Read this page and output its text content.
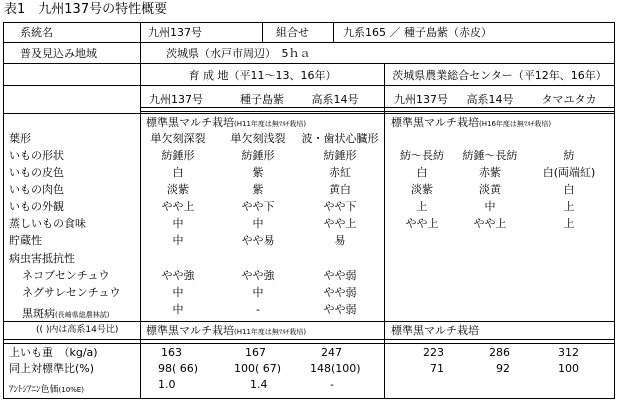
表1　九州137号の特性概要
系統名	九州137号	組合せ	九系165 ／ 種子島紫（赤皮）
普及見込み地域	茨城県（水戸市周辺）　5ｈａ
育 成 地（平11～13、16年）	茨城県農業総合センター（平12年、16年）
九州137号	種子島紫	高系14号	九州137号	高系14号	タマユタカ
標準黒マルチ栽培(H11年度は無ﾏﾙﾁ栽培)	標準黒マルチ栽培(H16年度は無ﾏﾙﾁ栽培)
葉形	単欠刻深裂	単欠刻浅裂	波・歯状心臓形
いもの形状	紡錘形	紡錘形	紡錘形	紡～長紡	紡錘～長紡	紡
いもの皮色	白	紫	赤紅	白	赤紫	白(両端紅)
いもの肉色	淡紫	紫	黄白	淡紫	淡黄	白
いもの外観	やや上	やや下	やや下	上	中	上
蒸しいもの食味	中	中	やや上	やや上	やや上	上
貯蔵性	中	やや易	易
病虫害抵抗性
ネコブセンチュウ	やや強	やや強	やや弱
ネグサレセンチュウ	中	中	やや弱
黒斑病(長崎県総農林試)	中	-	やや弱
(( )内は高系14号比)	標準黒マルチ栽培(H11年度は無ﾏﾙﾁ栽培)	標準黒マルチ栽培
上いも重　（kg/a)	163	167	247	223	286	312
同上対標準比(%)	98( 66)	100( 67)	148(100)	71	92	100
ｱﾝﾄｼｱﾆﾝ色価(10%E)	1.0	1.4	-
